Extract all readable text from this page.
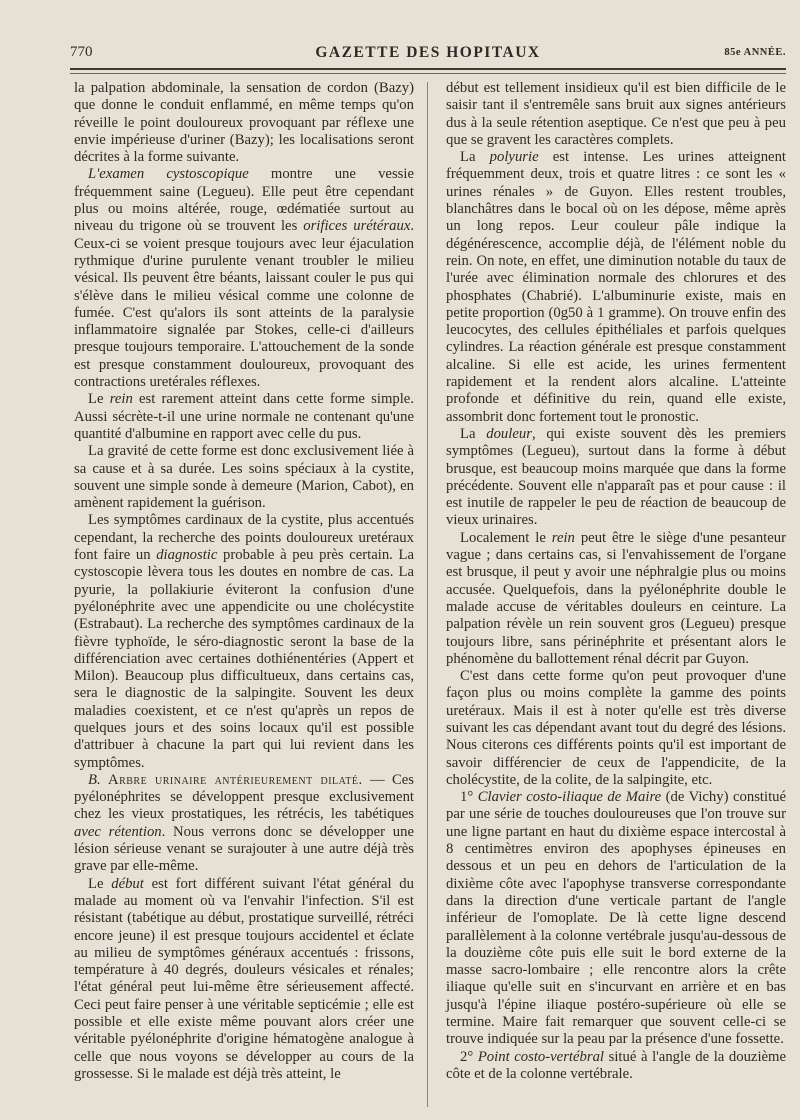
770	GAZETTE DES HOPITAUX	85e ANNÉE.

la palpation abdominale, la sensation de cordon (Bazy) que donne le conduit enflammé, en même temps qu'on réveille le point douloureux provoquant par réflexe une envie impérieuse d'uriner (Bazy); les localisations seront décrites à la forme suivante.

L'examen cystoscopique montre une vessie fréquemment saine (Legueu). Elle peut être cependant plus ou moins altérée, rouge, œdématiée surtout au niveau du trigone où se trouvent les orifices urétéraux. Ceux-ci se voient presque toujours avec leur éjaculation rythmique d'urine purulente venant troubler le milieu vésical. Ils peuvent être béants, laissant couler le pus qui s'élève dans le milieu vésical comme une colonne de fumée. C'est qu'alors ils sont atteints de la paralysie inflammatoire signalée par Stokes, celle-ci d'ailleurs presque toujours temporaire. L'attouchement de la sonde est presque constamment douloureux, provoquant des contractions uretérales réflexes.

Le rein est rarement atteint dans cette forme simple. Aussi sécrète-t-il une urine normale ne contenant qu'une quantité d'albumine en rapport avec celle du pus.

La gravité de cette forme est donc exclusivement liée à sa cause et à sa durée. Les soins spéciaux à la cystite, souvent une simple sonde à demeure (Marion, Cabot), en amènent rapidement la guérison.

Les symptômes cardinaux de la cystite, plus accentués cependant, la recherche des points douloureux uretéraux font faire un diagnostic probable à peu près certain. La cystoscopie lèvera tous les doutes en nombre de cas. La pyurie, la pollakiurie éviteront la confusion d'une pyélonéphrite avec une appendicite ou une cholécystite (Estrabaut). La recherche des symptômes cardinaux de la fièvre typhoïde, le séro-diagnostic seront la base de la différenciation avec certaines dothiénentéries (Appert et Milon). Beaucoup plus difficultueux, dans certains cas, sera le diagnostic de la salpingite. Souvent les deux maladies coexistent, et ce n'est qu'après un repos de quelques jours et des soins locaux qu'il est possible d'attribuer à chacune la part qui lui revient dans les symptômes.

B. Arbre urinaire antérieurement dilaté. — Ces pyélonéphrites se développent presque exclusivement chez les vieux prostatiques, les rétrécis, les tabétiques avec rétention. Nous verrons donc se développer une lésion sérieuse venant se surajouter à une autre déjà très grave par elle-même.

Le début est fort différent suivant l'état général du malade au moment où va l'envahir l'infection. S'il est résistant (tabétique au début, prostatique surveillé, rétréci encore jeune) il est presque toujours accidentel et éclate au milieu de symptômes généraux accentués : frissons, température à 40 degrés, douleurs vésicales et rénales; l'état général peut lui-même être sérieusement affecté. Ceci peut faire penser à une véritable septicémie ; elle est possible et elle existe même pouvant alors créer une véritable pyélonéphrite d'origine hématogène analogue à celle que nous voyons se développer au cours de la grossesse. Si le malade est déjà très atteint, le

début est tellement insidieux qu'il est bien difficile de le saisir tant il s'entremêle sans bruit aux signes antérieurs dus à la seule rétention aseptique. Ce n'est que peu à peu que se gravent les caractères complets.

La polyurie est intense. Les urines atteignent fréquemment deux, trois et quatre litres : ce sont les « urines rénales » de Guyon. Elles restent troubles, blanchâtres dans le bocal où on les dépose, même après un long repos. Leur couleur pâle indique la dégénérescence, accomplie déjà, de l'élément noble du rein. On note, en effet, une diminution notable du taux de l'urée avec élimination normale des chlorures et des phosphates (Chabrié). L'albuminurie existe, mais en petite proportion (0g50 à 1 gramme). On trouve enfin des leucocytes, des cellules épithéliales et parfois quelques cylindres. La réaction générale est presque constamment alcaline. Si elle est acide, les urines fermentent rapidement et la rendent alors alcaline. L'atteinte profonde et définitive du rein, quand elle existe, assombrit donc fortement tout le pronostic.

La douleur, qui existe souvent dès les premiers symptômes (Legueu), surtout dans la forme à début brusque, est beaucoup moins marquée que dans la forme précédente. Souvent elle n'apparaît pas et pour cause : il est inutile de rappeler le peu de réaction de beaucoup de vieux urinaires.

Localement le rein peut être le siège d'une pesanteur vague ; dans certains cas, si l'envahissement de l'organe est brusque, il peut y avoir une néphralgie plus ou moins accusée. Quelquefois, dans la pyélonéphrite double le malade accuse de véritables douleurs en ceinture. La palpation révèle un rein souvent gros (Legueu) presque toujours libre, sans périnéphrite et présentant alors le phénomène du ballottement rénal décrit par Guyon.

C'est dans cette forme qu'on peut provoquer d'une façon plus ou moins complète la gamme des points uretéraux. Mais il est à noter qu'elle est très diverse suivant les cas dépendant avant tout du degré des lésions. Nous citerons ces différents points qu'il est important de savoir différencier de ceux de l'appendicite, de la cholécystite, de la colite, de la salpingite, etc.

1° Clavier costo-iliaque de Maire (de Vichy) constitué par une série de touches douloureuses que l'on trouve sur une ligne partant en haut du dixième espace intercostal à 8 centimètres environ des apophyses épineuses en dessous et un peu en dehors de l'articulation de la dixième côte avec l'apophyse transverse correspondante dans la direction d'une verticale partant de l'angle inférieur de l'omoplate. De là cette ligne descend parallèlement à la colonne vertébrale jusqu'au-dessous de la douzième côte puis elle suit le bord externe de la masse sacro-lombaire ; elle rencontre alors la crête iliaque qu'elle suit en s'incurvant en arrière et en bas jusqu'à l'épine iliaque postéro-supérieure où elle se termine. Maire fait remarquer que souvent celle-ci se trouve indiquée sur la peau par la présence d'une fossette.

2° Point costo-vertébral situé à l'angle de la douzième côte et de la colonne vertébrale.
